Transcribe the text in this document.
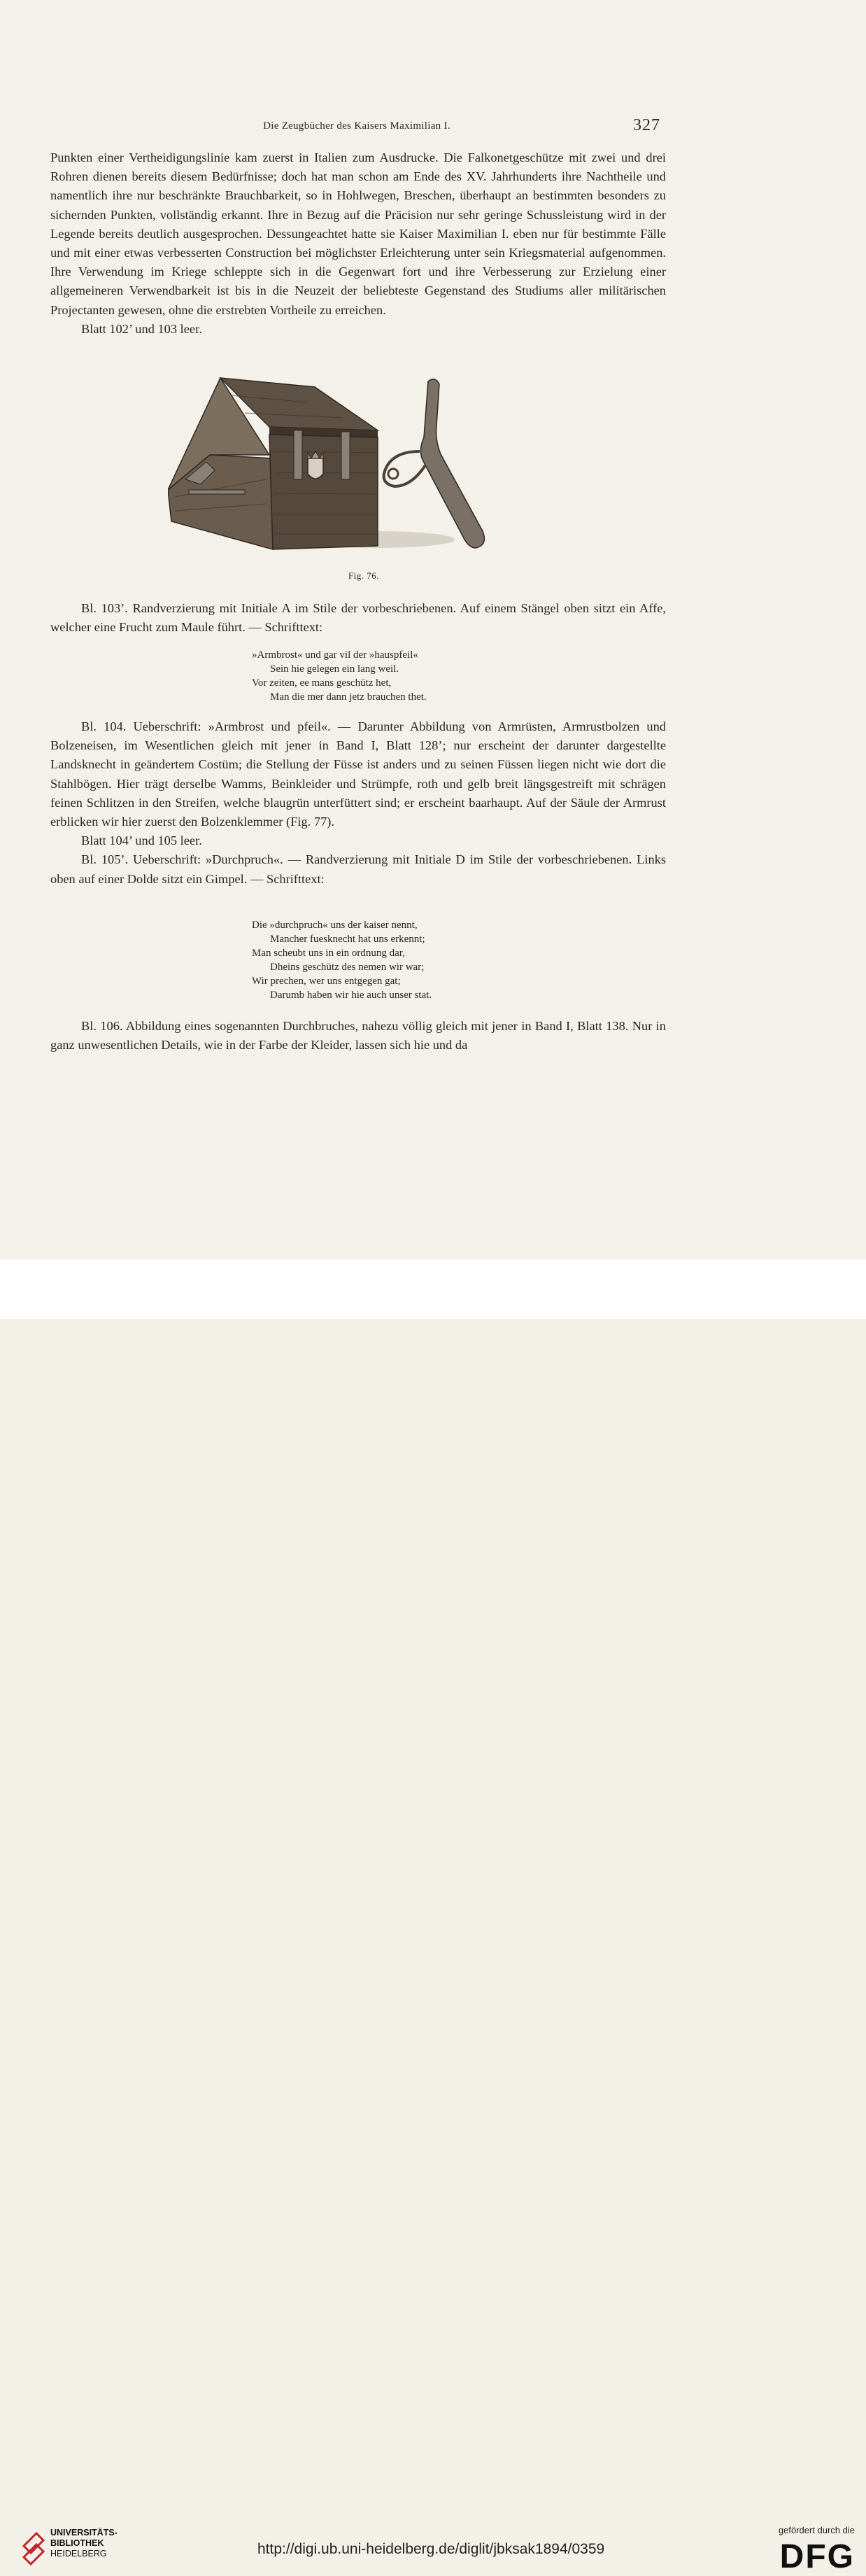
Die Zeugbücher des Kaisers Maximilian I.	327

Punkten einer Vertheidigungslinie kam zuerst in Italien zum Ausdrucke. Die Falkonetgeschütze mit zwei und drei Rohren dienen bereits diesem Bedürfnisse; doch hat man schon am Ende des XV. Jahrhunderts ihre Nachtheile und namentlich ihre nur beschränkte Brauchbarkeit, so in Hohlwegen, Breschen, überhaupt an bestimmten besonders zu sichernden Punkten, vollständig erkannt. Ihre in Bezug auf die Präcision nur sehr geringe Schussleistung wird in der Legende bereits deutlich ausgesprochen. Dessungeachtet hatte sie Kaiser Maximilian I. eben nur für bestimmte Fälle und mit einer etwas verbesserten Construction bei möglichster Erleichterung unter sein Kriegsmaterial aufgenommen. Ihre Verwendung im Kriege schleppte sich in die Gegenwart fort und ihre Verbesserung zur Erzielung einer allgemeineren Verwendbarkeit ist bis in die Neuzeit der beliebteste Gegenstand des Studiums aller militärischen Projectanten gewesen, ohne die erstrebten Vortheile zu erreichen.

Blatt 102’ und 103 leer.

Fig. 76.

Bl. 103’. Randverzierung mit Initiale A im Stile der vorbeschriebenen. Auf einem Stängel oben sitzt ein Affe, welcher eine Frucht zum Maule führt. — Schrifttext:

»Armbrost« und gar vil der »hauspfeil«
Sein hie gelegen ein lang weil.
Vor zeiten, ee mans geschütz het,
Man die mer dann jetz brauchen thet.

Bl. 104. Ueberschrift: »Armbrost und pfeil«. — Darunter Abbildung von Armrüsten, Armrustbolzen und Bolzeneisen, im Wesentlichen gleich mit jener in Band I, Blatt 128’; nur erscheint der darunter dargestellte Landsknecht in geändertem Costüm; die Stellung der Füsse ist anders und zu seinen Füssen liegen nicht wie dort die Stahlbögen. Hier trägt derselbe Wamms, Beinkleider und Strümpfe, roth und gelb breit längsgestreift mit schrägen feinen Schlitzen in den Streifen, welche blaugrün unterfüttert sind; er erscheint baarhaupt. Auf der Säule der Armrust erblicken wir hier zuerst den Bolzenklemmer (Fig. 77).

Blatt 104’ und 105 leer.

Bl. 105’. Ueberschrift: »Durchpruch«. — Randverzierung mit Initiale D im Stile der vorbeschriebenen. Links oben auf einer Dolde sitzt ein Gimpel. — Schrifttext:

Die »durchpruch« uns der kaiser nennt,
Mancher fuesknecht hat uns erkennt;
Man scheubt uns in ein ordnung dar,
Dheins geschütz des nemen wir war;
Wir prechen, wer uns entgegen gat;
Darumb haben wir hie auch unser stat.

Bl. 106. Abbildung eines sogenannten Durchbruches, nahezu völlig gleich mit jener in Band I, Blatt 138. Nur in ganz unwesentlichen Details, wie in der Farbe der Kleider, lassen sich hie und da

UNIVERSITÄTS-
BIBLIOTHEK
HEIDELBERG	http://digi.ub.uni-heidelberg.de/diglit/jbksak1894/0359
gefördert durch die
DFG
